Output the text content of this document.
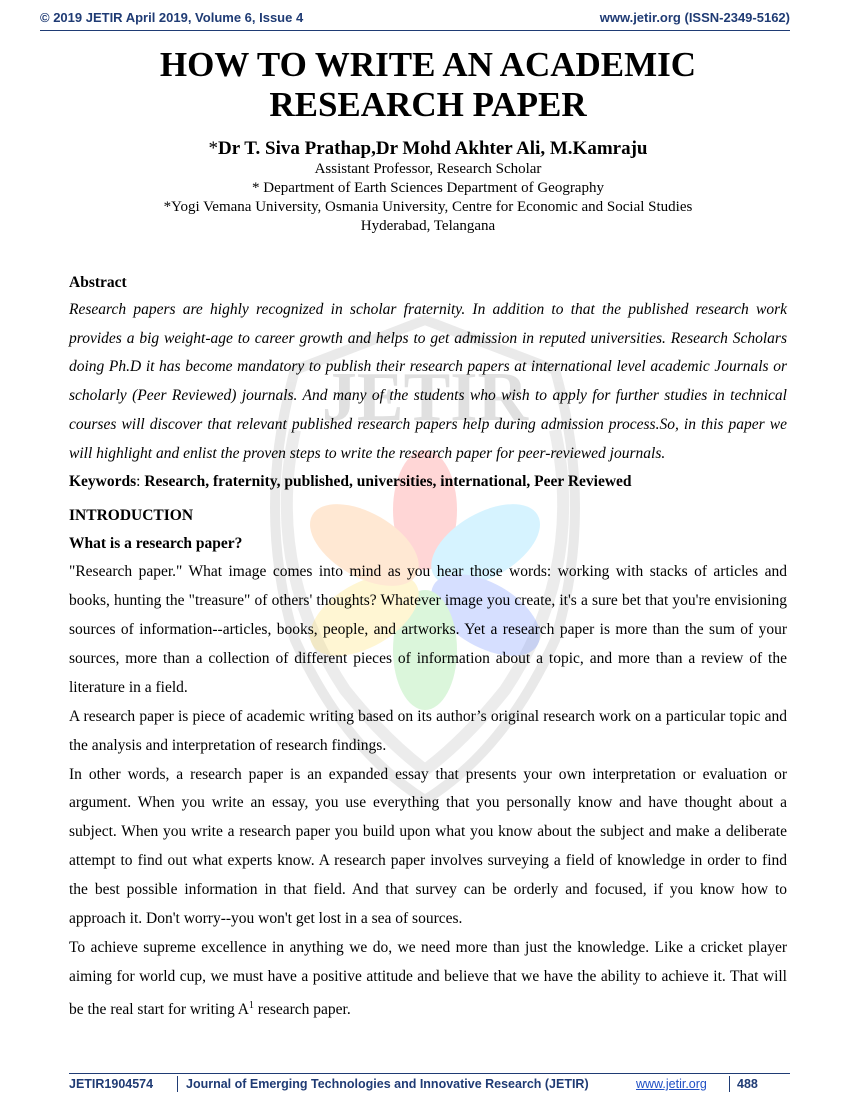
© 2019 JETIR April 2019, Volume 6, Issue 4	www.jetir.org (ISSN-2349-5162)
JETIR
HOW TO WRITE AN ACADEMIC RESEARCH PAPER
*Dr T. Siva Prathap,Dr Mohd Akhter Ali, M.Kamraju
Assistant Professor, Research Scholar
* Department of Earth Sciences Department of Geography
*Yogi Vemana University, Osmania University, Centre for Economic and Social Studies
Hyderabad, Telangana
Abstract
Research papers are highly recognized in scholar fraternity. In addition to that the published research work provides a big weight-age to career growth and helps to get admission in reputed universities. Research Scholars doing Ph.D it has become mandatory to publish their research papers at international level academic Journals or scholarly (Peer Reviewed) journals. And many of the students who wish to apply for further studies in technical courses will discover that relevant published research papers help during admission process.So, in this paper we will highlight and enlist the proven steps to write the research paper for peer-reviewed journals.
Keywords: Research, fraternity, published, universities, international, Peer Reviewed
INTRODUCTION
What is a research paper?
"Research paper." What image comes into mind as you hear those words: working with stacks of articles and books, hunting the "treasure" of others' thoughts? Whatever image you create, it's a sure bet that you're envisioning sources of information--articles, books, people, and artworks. Yet a research paper is more than the sum of your sources, more than a collection of different pieces of information about a topic, and more than a review of the literature in a field.
A research paper is piece of academic writing based on its author’s original research work on a particular topic and the analysis and interpretation of research findings.
In other words, a research paper is an expanded essay that presents your own interpretation or evaluation or argument. When you write an essay, you use everything that you personally know and have thought about a subject. When you write a research paper you build upon what you know about the subject and make a deliberate attempt to find out what experts know. A research paper involves surveying a field of knowledge in order to find the best possible information in that field. And that survey can be orderly and focused, if you know how to approach it. Don't worry--you won't get lost in a sea of sources.
To achieve supreme excellence in anything we do, we need more than just the knowledge. Like a cricket player aiming for world cup, we must have a positive attitude and believe that we have the ability to achieve it. That will be the real start for writing $A^1$ research paper.
JETIR1904574	Journal of Emerging Technologies and Innovative Research (JETIR)	www.jetir.org 488
